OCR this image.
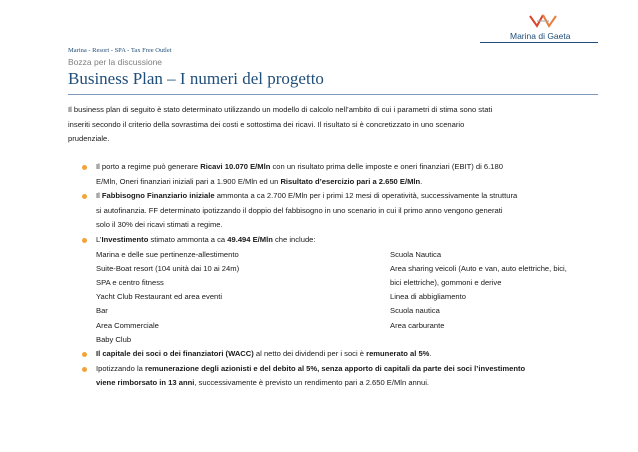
Marina di Gaeta
Marina - Resort - SPA - Tax Free Outlet
Bozza per la discussione
Business Plan – I numeri del progetto
Il business plan di seguito è stato determinato utilizzando un modello di calcolo nell’ambito di cui i parametri di stima sono stati
inseriti secondo il criterio della sovrastima dei costi e sottostima dei ricavi. Il risultato si è concretizzato in uno scenario
prudenziale.
Il porto a regime può generare Ricavi 10.070 E/Mln con un risultato prima delle imposte e oneri finanziari (EBIT) di 6.180
E/Mln, Oneri finanziari iniziali pari a 1.900 E/Mln ed un Risultato d’esercizio pari a 2.650 E/Mln.
Il Fabbisogno Finanziario iniziale ammonta a ca 2.700 E/Mln per i primi 12 mesi di operatività, successivamente la struttura
si autofinanzia. FF determinato ipotizzando il doppio del fabbisogno in uno scenario in cui il primo anno vengono generati
solo il 30% dei ricavi stimati a regime.
L’Investimento stimato ammonta a ca 49.494 E/Mln che include:
Marina e delle sue pertinenze-allestimento	Scuola Nautica
Suite-Boat resort (104 unità dai 10 ai 24m)	Area sharing veicoli (Auto e van, auto elettriche, bici,
SPA e centro fitness	bici elettriche), gommoni e derive
Yacht Club Restaurant ed area eventi	Linea di abbigliamento
Bar	Scuola nautica
Area Commerciale	Area carburante
Baby Club
Il capitale dei soci o dei finanziatori (WACC) al netto dei dividendi per i soci è remunerato al 5%.
Ipotizzando la remunerazione degli azionisti e del debito al 5%, senza apporto di capitali da parte dei soci l’investimento
viene rimborsato in 13 anni, successivamente è previsto un rendimento pari a 2.650 E/Mln annui.
